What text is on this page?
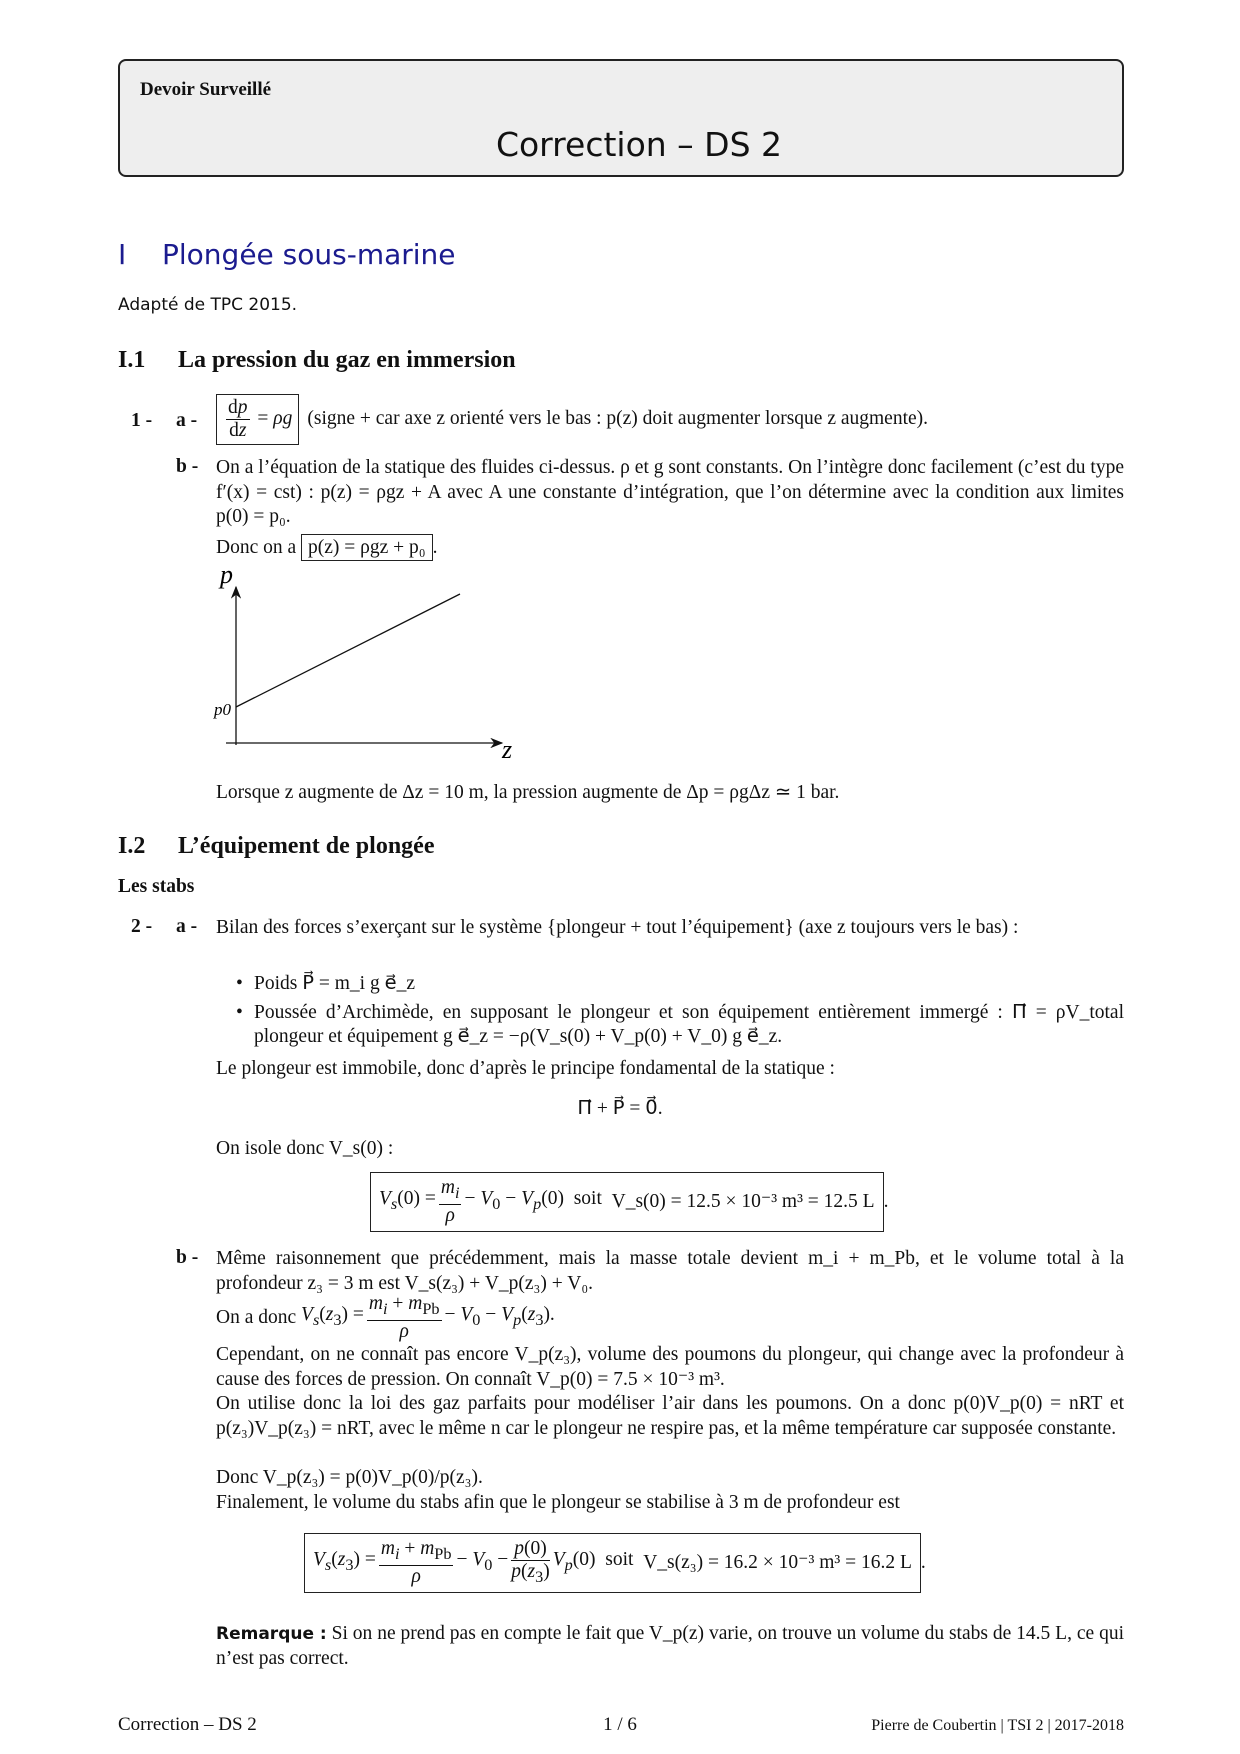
Devoir Surveillé
Correction – DS 2
I Plongée sous-marine
Adapté de TPC 2015.
I.1 La pression du gaz en immersion
$1 - a - \frac{dp}{dz} = \rho g$ (signe + car axe z orienté vers le bas : p(z) doit augmenter lorsque z augmente).
b - On a l’équation de la statique des fluides ci-dessus. ρ et g sont constants. On l’intègre donc facilement (c’est du type f′(x) = cst) : p(z) = ρgz + A avec A une constante d’intégration, que l’on détermine avec la condition aux limites p(0) = p₀.
Donc on a p(z) = ρgz + p₀ .
p
z
p0
Lorsque z augmente de Δz = 10 m, la pression augmente de Δp = ρgΔz ≃ 1 bar.
I.2 L’équipement de plongée
Les stabs
2 - a - Bilan des forces s’exerçant sur le système {plongeur + tout l’équipement} (axe z toujours vers le bas) :
• Poids P⃗ = m_i g e⃗_z
• Poussée d’Archimède, en supposant le plongeur et son équipement entièrement immergé : Π⃗ = ρV_total plongeur et équipement g e⃗_z = −ρ(V_s(0) + V_p(0) + V_0) g e⃗_z.
Le plongeur est immobile, donc d’après le principe fondamental de la statique :
Π⃗ + P⃗ = 0⃗.
On isole donc V_s(0) :
$V_s(0) = \frac{m_i}{\rho} - V_0 - V_p(0)$  soit V_s(0) = 12.5 × 10⁻³ m³ = 12.5 L .
b - Même raisonnement que précédemment, mais la masse totale devient m_i + m_Pb, et le volume total à la profondeur z₃ = 3 m est V_s(z₃) + V_p(z₃) + V₀.
On a donc $V_s(z_3) = \frac{m_i + m_{Pb}}{\rho} - V_0 - V_p(z_3)$.
Cependant, on ne connaît pas encore V_p(z₃), volume des poumons du plongeur, qui change avec la profondeur à cause des forces de pression. On connaît V_p(0) = 7.5 × 10⁻³ m³.
On utilise donc la loi des gaz parfaits pour modéliser l’air dans les poumons. On a donc p(0)V_p(0) = nRT et p(z₃)V_p(z₃) = nRT, avec le même n car le plongeur ne respire pas, et la même température car supposée constante.
Donc V_p(z₃) = p(0)V_p(0)/p(z₃).
Finalement, le volume du stabs afin que le plongeur se stabilise à 3 m de profondeur est
$V_s(z_3) = \frac{m_i + m_{Pb}}{\rho} - V_0 - \frac{p(0)}{p(z_3)} V_p(0)$  soit V_s(z₃) = 16.2 × 10⁻³ m³ = 16.2 L .
Remarque : Si on ne prend pas en compte le fait que V_p(z) varie, on trouve un volume du stabs de 14.5 L, ce qui n’est pas correct.
Correction – DS 2	1 / 6	Pierre de Coubertin | TSI 2 | 2017-2018
